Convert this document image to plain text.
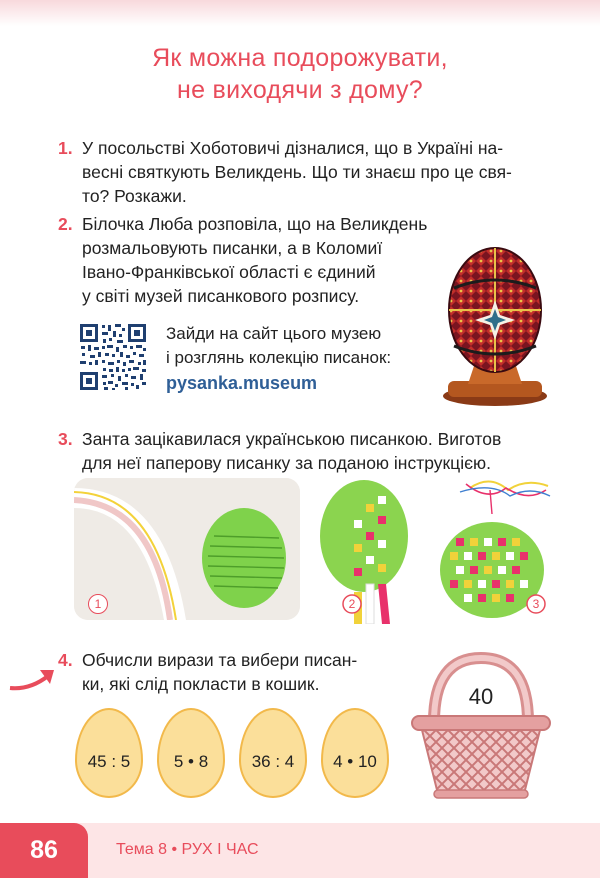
Як можна подорожувати,
не виходячи з дому?
1. У посольстві Хоботовичі дізналися, що в Україні на-
весні святкують Великдень. Що ти знаєш про це свя-
то? Розкажи.
2. Білочка Люба розповіла, що на Великдень
розмальовують писанки, а в Коломиї
Івано-Франківської області є єдиний
у світі музей писанкового розпису.
Зайди на сайт цього музею
і розглянь колекцію писанок:
pysanka.museum
3. Занта зацікавилася українською писанкою. Виготов
для неї паперову писанку за поданою інструкцією.
1	2	3
4. Обчисли вирази та вибери писан-
ки, які слід покласти в кошик.
45 : 5	5 • 8	36 : 4	4 • 10
40
86	Тема 8 • РУХ І ЧАС
